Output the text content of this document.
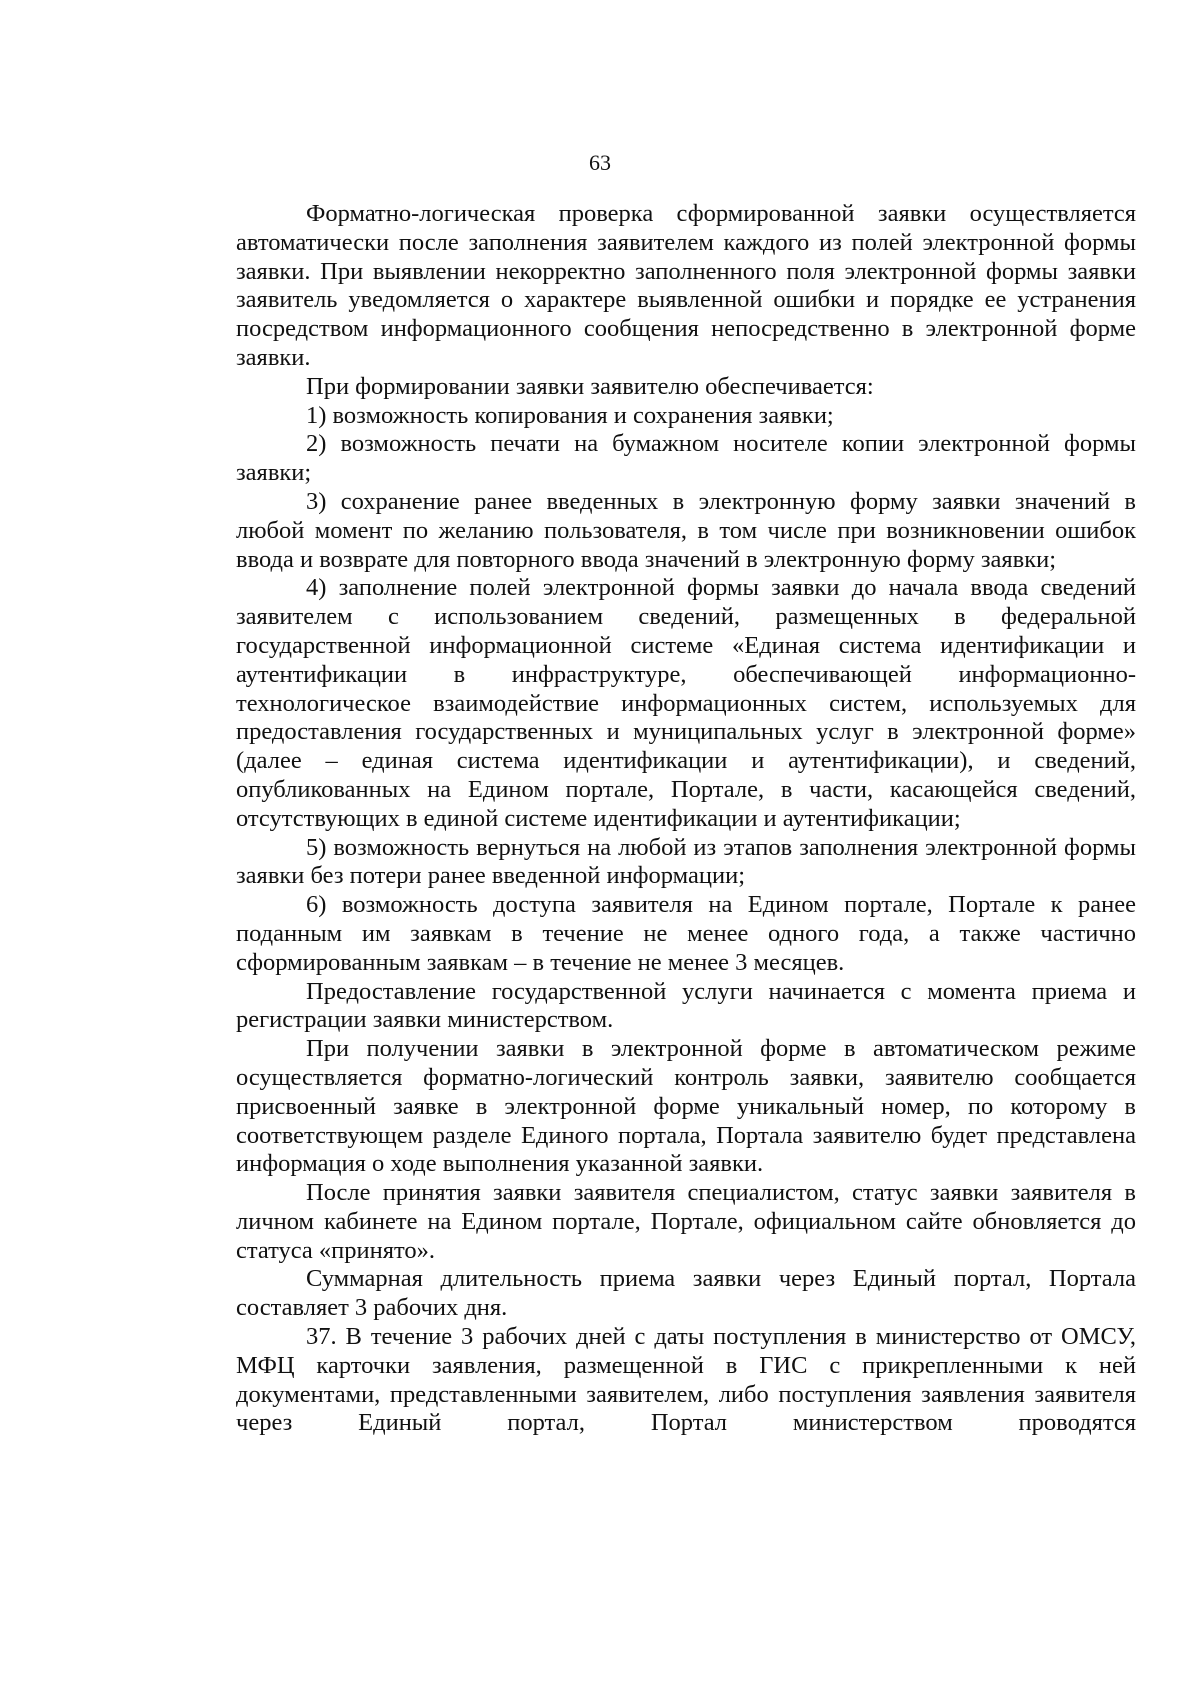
63

Форматно-логическая проверка сформированной заявки осуществляется автоматически после заполнения заявителем каждого из полей электронной формы заявки. При выявлении некорректно заполненного поля электронной формы заявки заявитель уведомляется о характере выявленной ошибки и порядке ее устранения посредством информационного сообщения непосредственно в электронной форме заявки.

При формировании заявки заявителю обеспечивается:

1) возможность копирования и сохранения заявки;

2) возможность печати на бумажном носителе копии электронной формы заявки;

3) сохранение ранее введенных в электронную форму заявки значений в любой момент по желанию пользователя, в том числе при возникновении ошибок ввода и возврате для повторного ввода значений в электронную форму заявки;

4) заполнение полей электронной формы заявки до начала ввода сведений заявителем с использованием сведений, размещенных в федеральной государственной информационной системе «Единая система идентификации и аутентификации в инфраструктуре, обеспечивающей информационно-технологическое взаимодействие информационных систем, используемых для предоставления государственных и муниципальных услуг в электронной форме» (далее – единая система идентификации и аутентификации), и сведений, опубликованных на Едином портале, Портале, в части, касающейся сведений, отсутствующих в единой системе идентификации и аутентификации;

5) возможность вернуться на любой из этапов заполнения электронной формы заявки без потери ранее введенной информации;

6) возможность доступа заявителя на Едином портале, Портале к ранее поданным им заявкам в течение не менее одного года, а также частично сформированным заявкам – в течение не менее 3 месяцев.

Предоставление государственной услуги начинается с момента приема и регистрации заявки министерством.

При получении заявки в электронной форме в автоматическом режиме осуществляется форматно-логический контроль заявки, заявителю сообщается присвоенный заявке в электронной форме уникальный номер, по которому в соответствующем разделе Единого портала, Портала заявителю будет представлена информация о ходе выполнения указанной заявки.

После принятия заявки заявителя специалистом, статус заявки заявителя в личном кабинете на Едином портале, Портале, официальном сайте обновляется до статуса «принято».

Суммарная длительность приема заявки через Единый портал, Портала составляет 3 рабочих дня.

37. В течение 3 рабочих дней с даты поступления в министерство от ОМСУ, МФЦ карточки заявления, размещенной в ГИС с прикрепленными к ней документами, представленными заявителем, либо поступления заявления заявителя через Единый портал, Портал министерством проводятся
